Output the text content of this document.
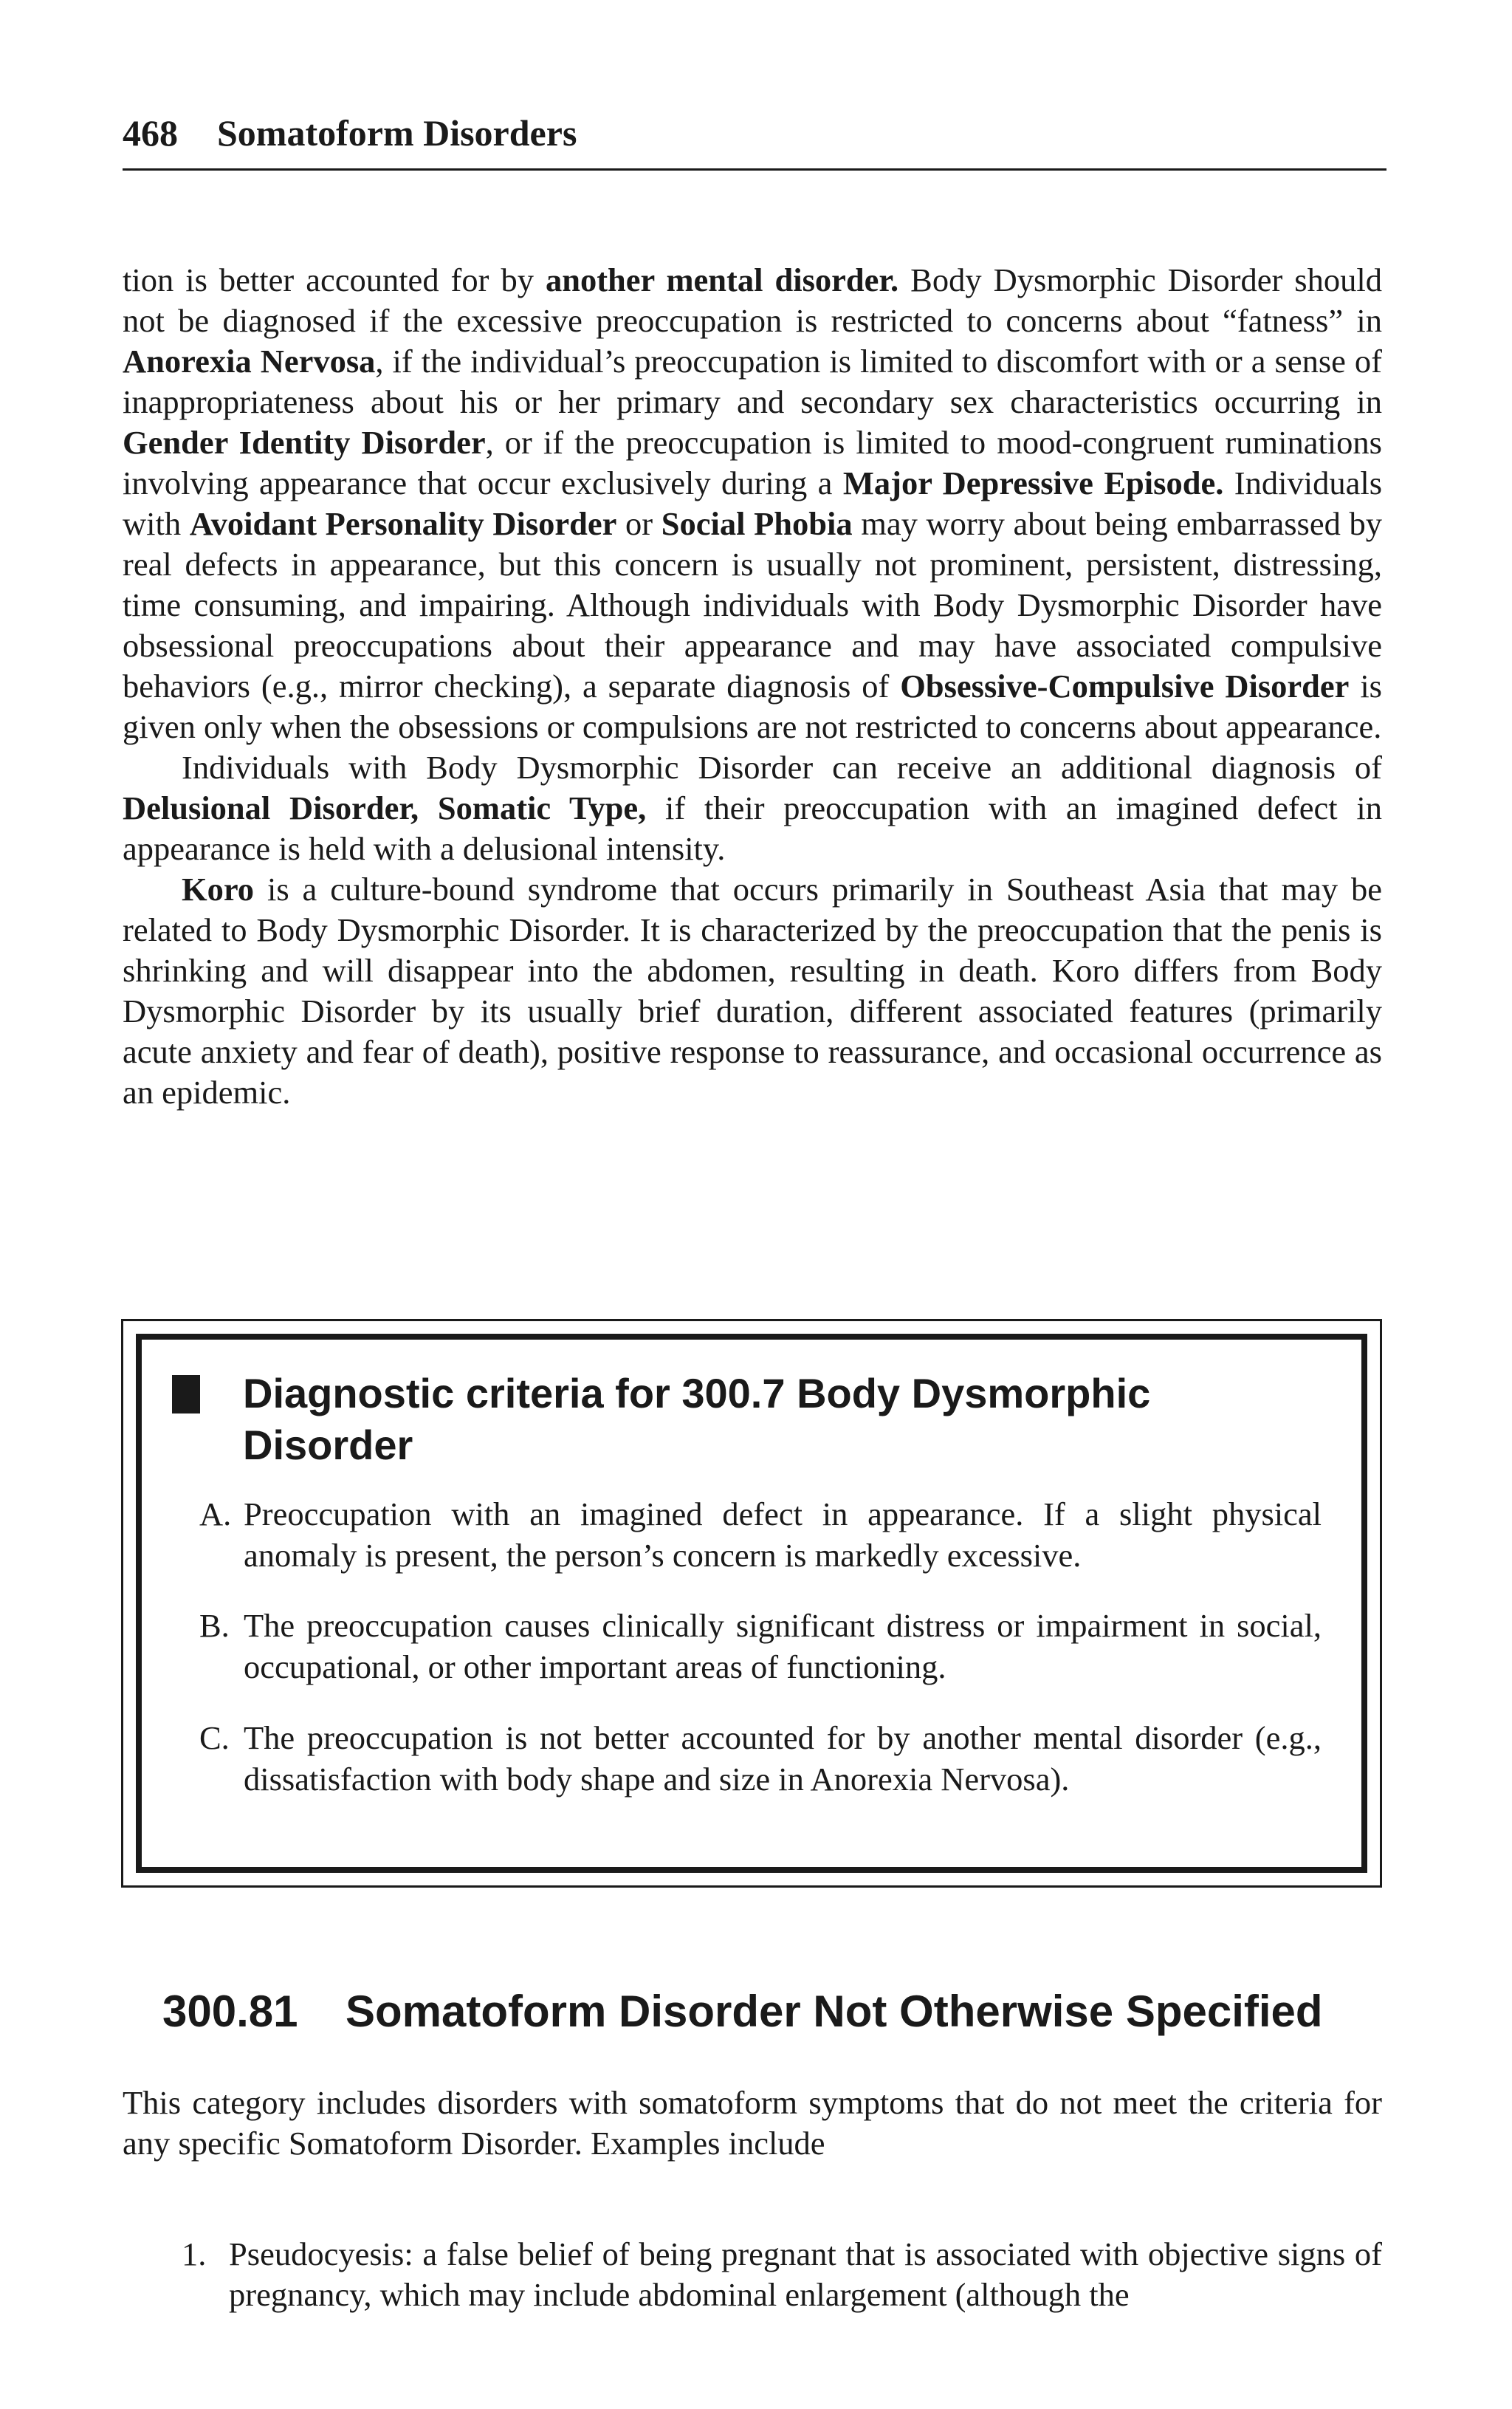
468 Somatoform Disorders

tion is better accounted for by another mental disorder. Body Dysmorphic Disorder should not be diagnosed if the excessive preoccupation is restricted to concerns about “fatness” in Anorexia Nervosa, if the individual’s preoccupation is limited to discomfort with or a sense of inappropriateness about his or her primary and secondary sex characteristics occurring in Gender Identity Disorder, or if the preoccupation is limited to mood-congruent ruminations involving appearance that occur exclusively during a Major Depressive Episode. Individuals with Avoidant Personality Disorder or Social Phobia may worry about being embarrassed by real defects in appearance, but this concern is usually not prominent, persistent, distressing, time consuming, and impairing. Although individuals with Body Dysmorphic Disorder have obsessional preoccupations about their appearance and may have associated compulsive behaviors (e.g., mirror checking), a separate diagnosis of Obsessive-Compulsive Disorder is given only when the obsessions or compulsions are not restricted to concerns about appearance.

Individuals with Body Dysmorphic Disorder can receive an additional diagnosis of Delusional Disorder, Somatic Type, if their preoccupation with an imagined defect in appearance is held with a delusional intensity.

Koro is a culture-bound syndrome that occurs primarily in Southeast Asia that may be related to Body Dysmorphic Disorder. It is characterized by the preoccupation that the penis is shrinking and will disappear into the abdomen, resulting in death. Koro differs from Body Dysmorphic Disorder by its usually brief duration, different associated features (primarily acute anxiety and fear of death), positive response to reassurance, and occasional occurrence as an epidemic.

Diagnostic criteria for 300.7 Body Dysmorphic Disorder
A. Preoccupation with an imagined defect in appearance. If a slight physical anomaly is present, the person’s concern is markedly excessive.
B. The preoccupation causes clinically significant distress or impairment in social, occupational, or other important areas of functioning.
C. The preoccupation is not better accounted for by another mental disorder (e.g., dissatisfaction with body shape and size in Anorexia Nervosa).
300.81 Somatoform Disorder Not Otherwise Specified

This category includes disorders with somatoform symptoms that do not meet the criteria for any specific Somatoform Disorder. Examples include

1. Pseudocyesis: a false belief of being pregnant that is associated with objective signs of pregnancy, which may include abdominal enlargement (although the
